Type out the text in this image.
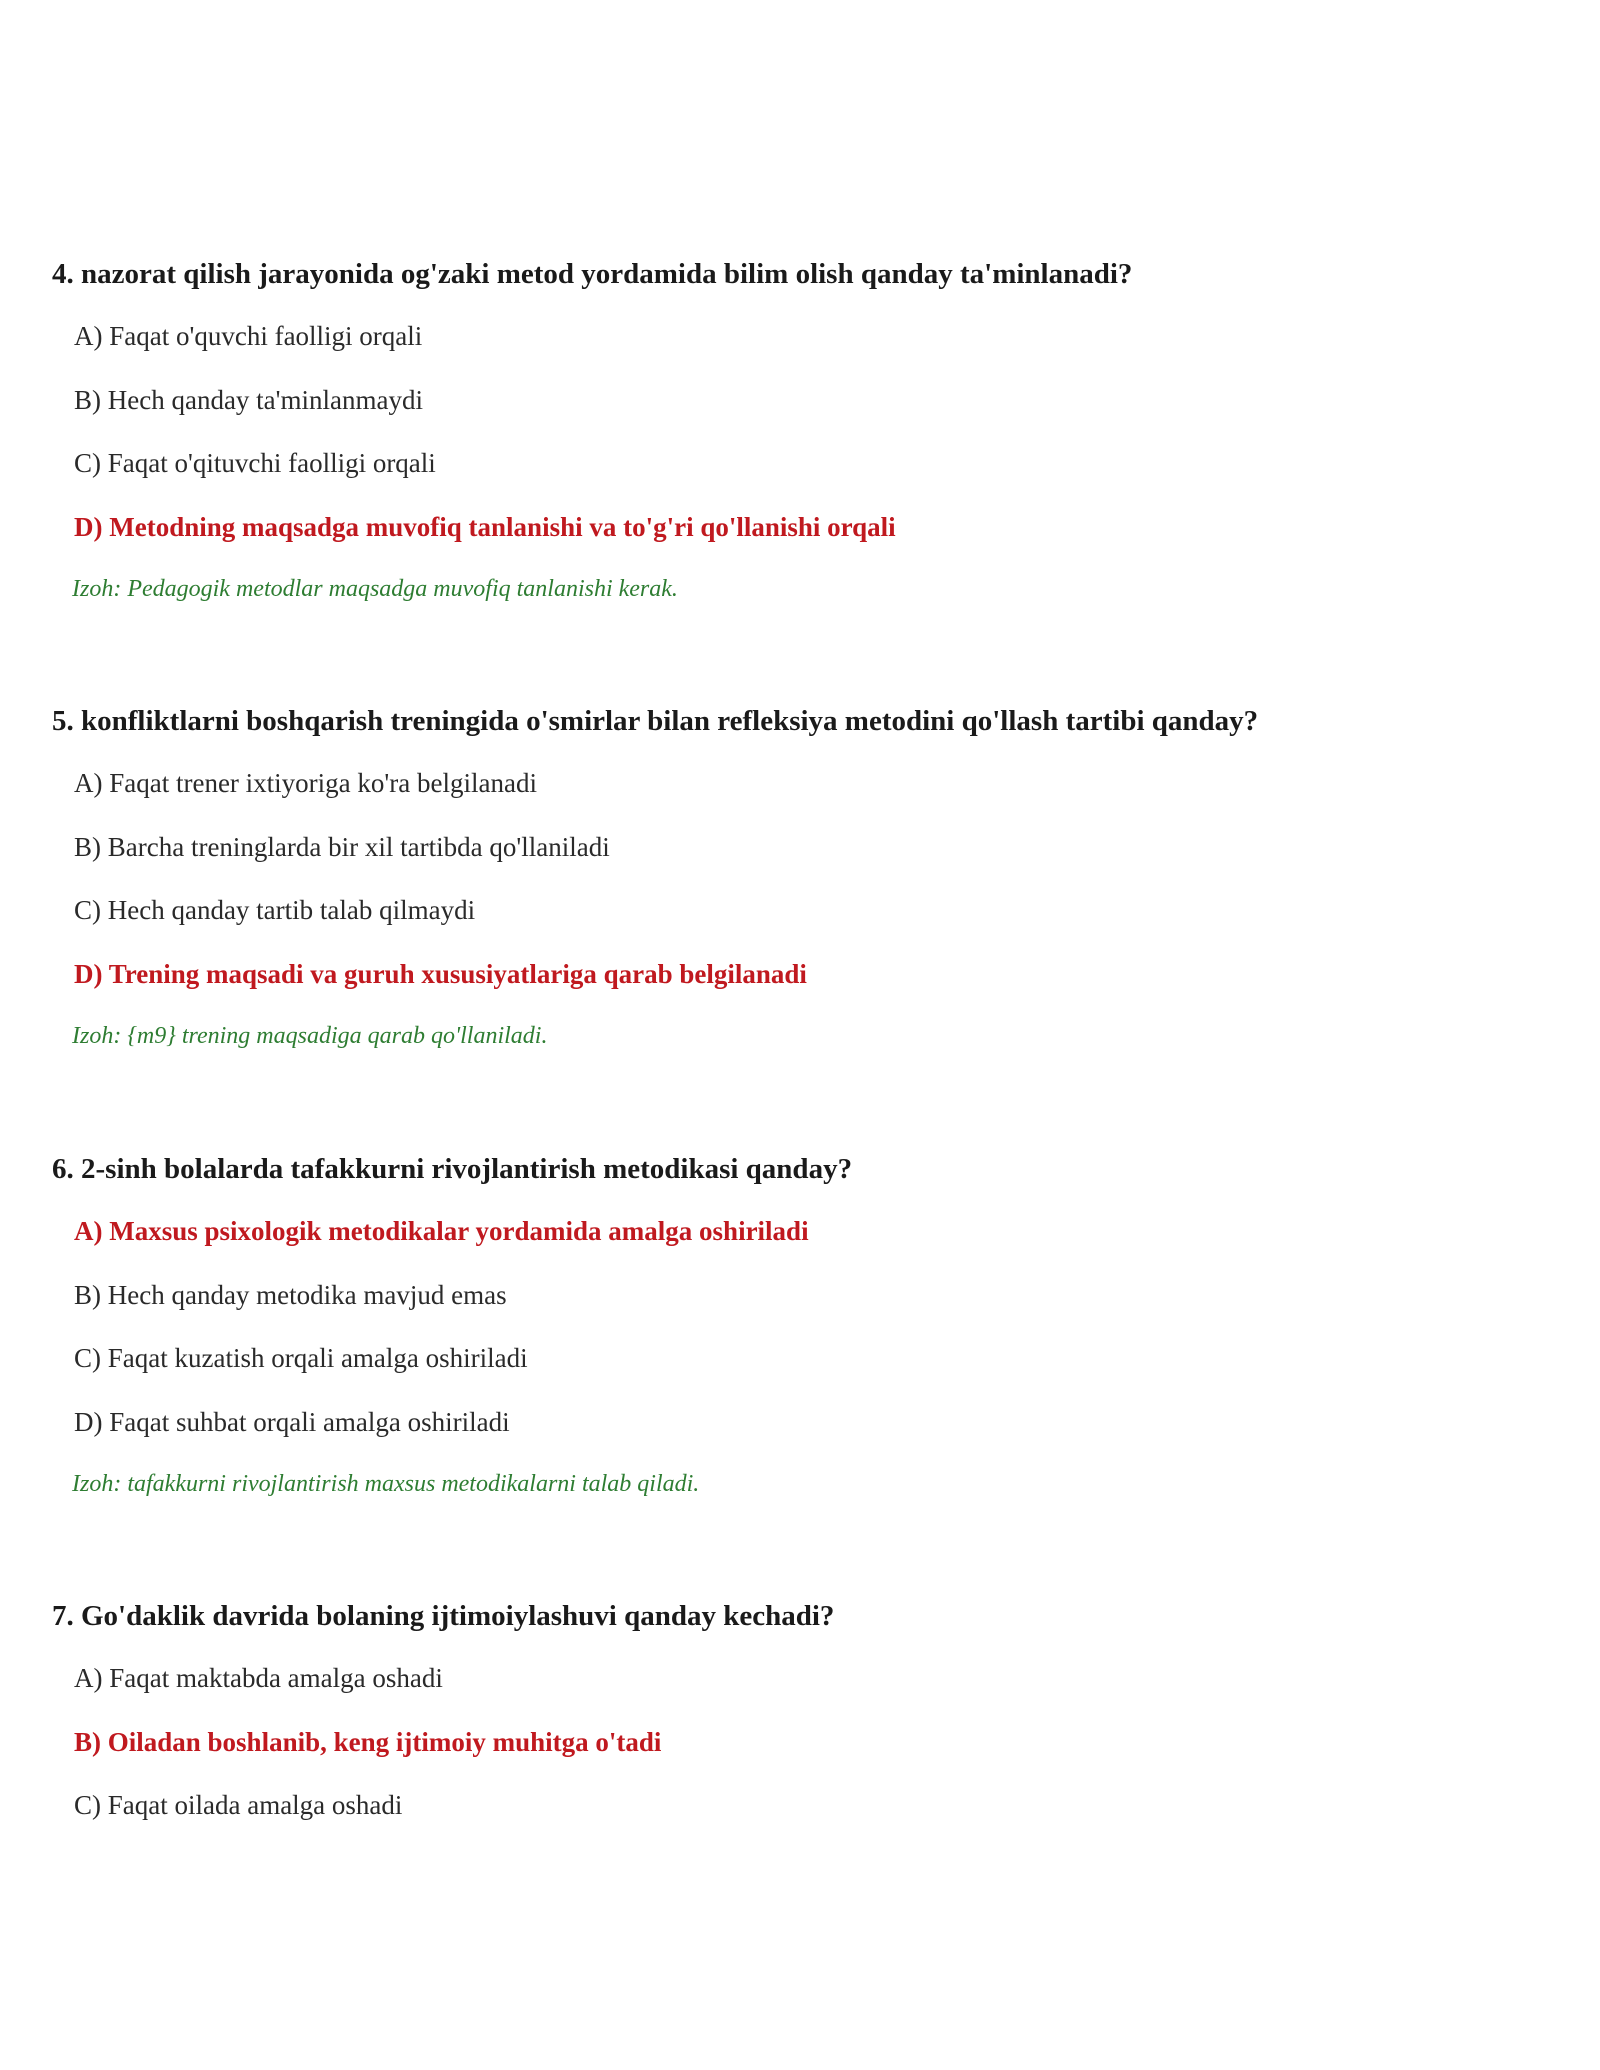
4. nazorat qilish jarayonida og'zaki metod yordamida bilim olish qanday ta'minlanadi?

A) Faqat o'quvchi faolligi orqali

B) Hech qanday ta'minlanmaydi

C) Faqat o'qituvchi faolligi orqali

D) Metodning maqsadga muvofiq tanlanishi va to'g'ri qo'llanishi orqali

Izoh: Pedagogik metodlar maqsadga muvofiq tanlanishi kerak.

5. konfliktlarni boshqarish treningida o'smirlar bilan refleksiya metodini qo'llash tartibi qanday?

A) Faqat trener ixtiyoriga ko'ra belgilanadi

B) Barcha treninglarda bir xil tartibda qo'llaniladi

C) Hech qanday tartib talab qilmaydi

D) Trening maqsadi va guruh xususiyatlariga qarab belgilanadi

Izoh: {m9} trening maqsadiga qarab qo'llaniladi.

6. 2-sinh bolalarda tafakkurni rivojlantirish metodikasi qanday?

A) Maxsus psixologik metodikalar yordamida amalga oshiriladi

B) Hech qanday metodika mavjud emas

C) Faqat kuzatish orqali amalga oshiriladi

D) Faqat suhbat orqali amalga oshiriladi

Izoh: tafakkurni rivojlantirish maxsus metodikalarni talab qiladi.

7. Go'daklik davrida bolaning ijtimoiylashuvi qanday kechadi?

A) Faqat maktabda amalga oshadi

B) Oiladan boshlanib, keng ijtimoiy muhitga o'tadi

C) Faqat oilada amalga oshadi
